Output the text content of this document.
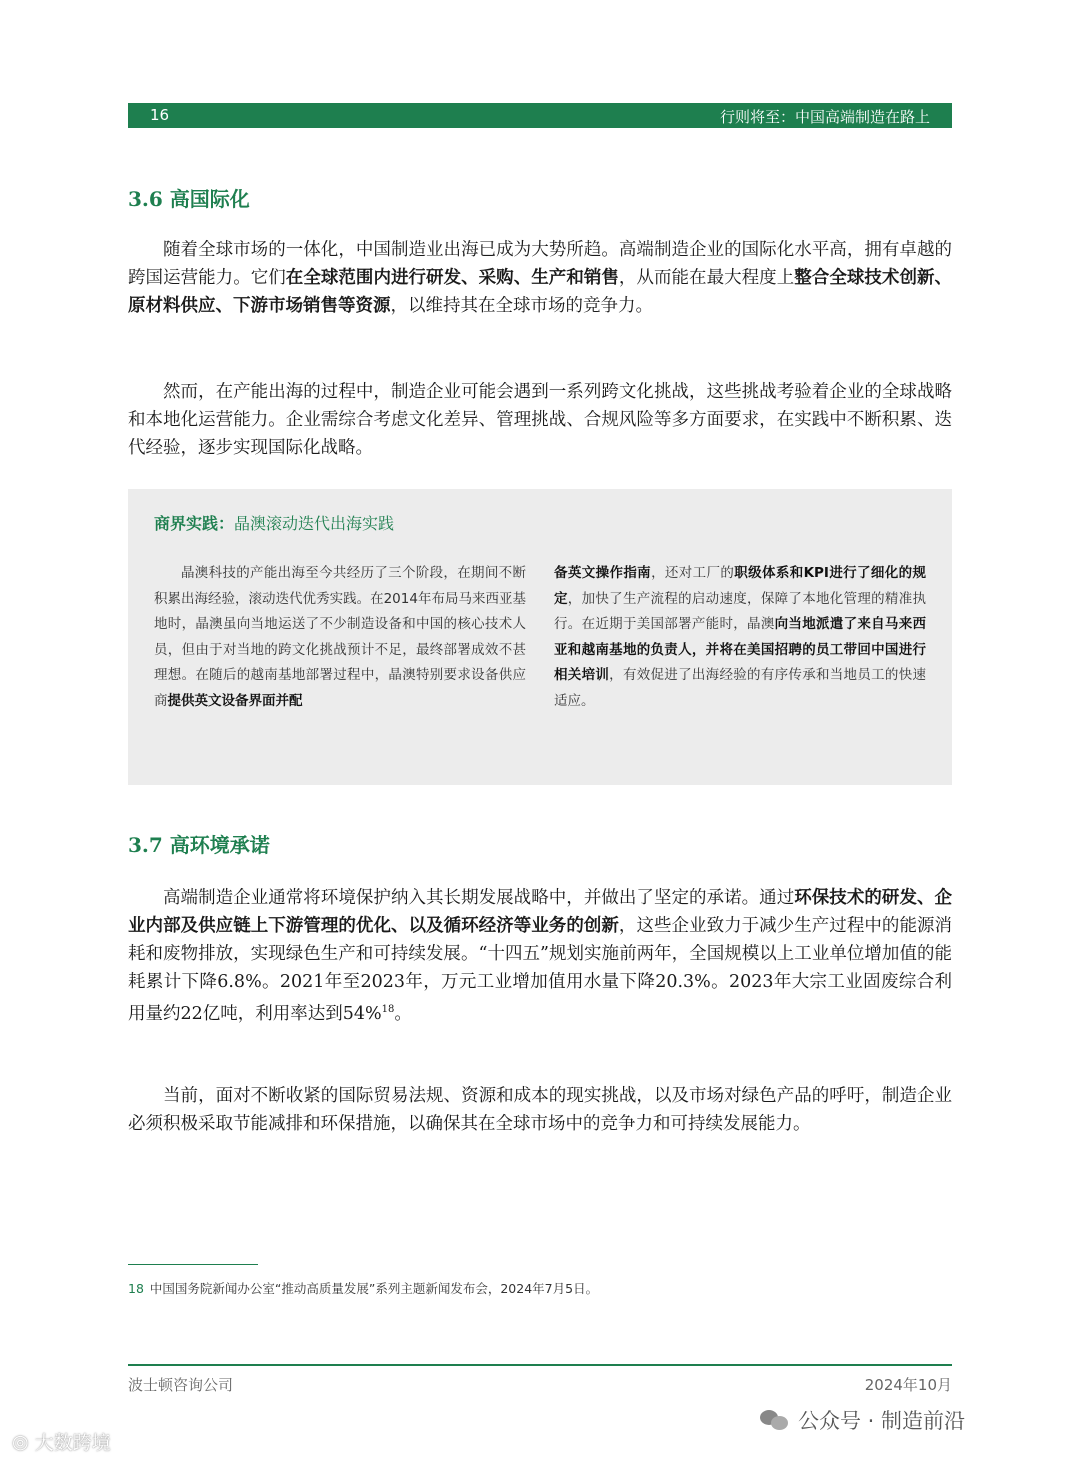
16	行则将至：中国高端制造在路上
3.6 高国际化

随着全球市场的一体化，中国制造业出海已成为大势所趋。高端制造企业的国际化水平高，拥有卓越的跨国运营能力。它们在全球范围内进行研发、采购、生产和销售，从而能在最大程度上整合全球技术创新、原材料供应、下游市场销售等资源，以维持其在全球市场的竞争力。

然而，在产能出海的过程中，制造企业可能会遇到一系列跨文化挑战，这些挑战考验着企业的全球战略和本地化运营能力。企业需综合考虑文化差异、管理挑战、合规风险等多方面要求，在实践中不断积累、迭代经验，逐步实现国际化战略。

商界实践：晶澳滚动迭代出海实践

晶澳科技的产能出海至今共经历了三个阶段，在期间不断积累出海经验，滚动迭代优秀实践。在2014年布局马来西亚基地时，晶澳虽向当地运送了不少制造设备和中国的核心技术人员，但由于对当地的跨文化挑战预计不足，最终部署成效不甚理想。在随后的越南基地部署过程中，晶澳特别要求设备供应商提供英文设备界面并配

备英文操作指南，还对工厂的职级体系和KPI进行了细化的规定，加快了生产流程的启动速度，保障了本地化管理的精准执行。在近期于美国部署产能时，晶澳向当地派遣了来自马来西亚和越南基地的负责人，并将在美国招聘的员工带回中国进行相关培训，有效促进了出海经验的有序传承和当地员工的快速适应。

3.7 高环境承诺

高端制造企业通常将环境保护纳入其长期发展战略中，并做出了坚定的承诺。通过环保技术的研发、企业内部及供应链上下游管理的优化、以及循环经济等业务的创新，这些企业致力于减少生产过程中的能源消耗和废物排放，实现绿色生产和可持续发展。“十四五”规划实施前两年，全国规模以上工业单位增加值的能耗累计下降6.8%。2021年至2023年，万元工业增加值用水量下降20.3%。2023年大宗工业固废综合利用量约22亿吨，利用率达到54%$^{18}$。

当前，面对不断收紧的国际贸易法规、资源和成本的现实挑战，以及市场对绿色产品的呼吁，制造企业必须积极采取节能减排和环保措施，以确保其在全球市场中的竞争力和可持续发展能力。

18 中国国务院新闻办公室“推动高质量发展”系列主题新闻发布会，2024年7月5日。
波士顿咨询公司	2024年10月
公众号 · 制造前沿
◎ 大数跨境
